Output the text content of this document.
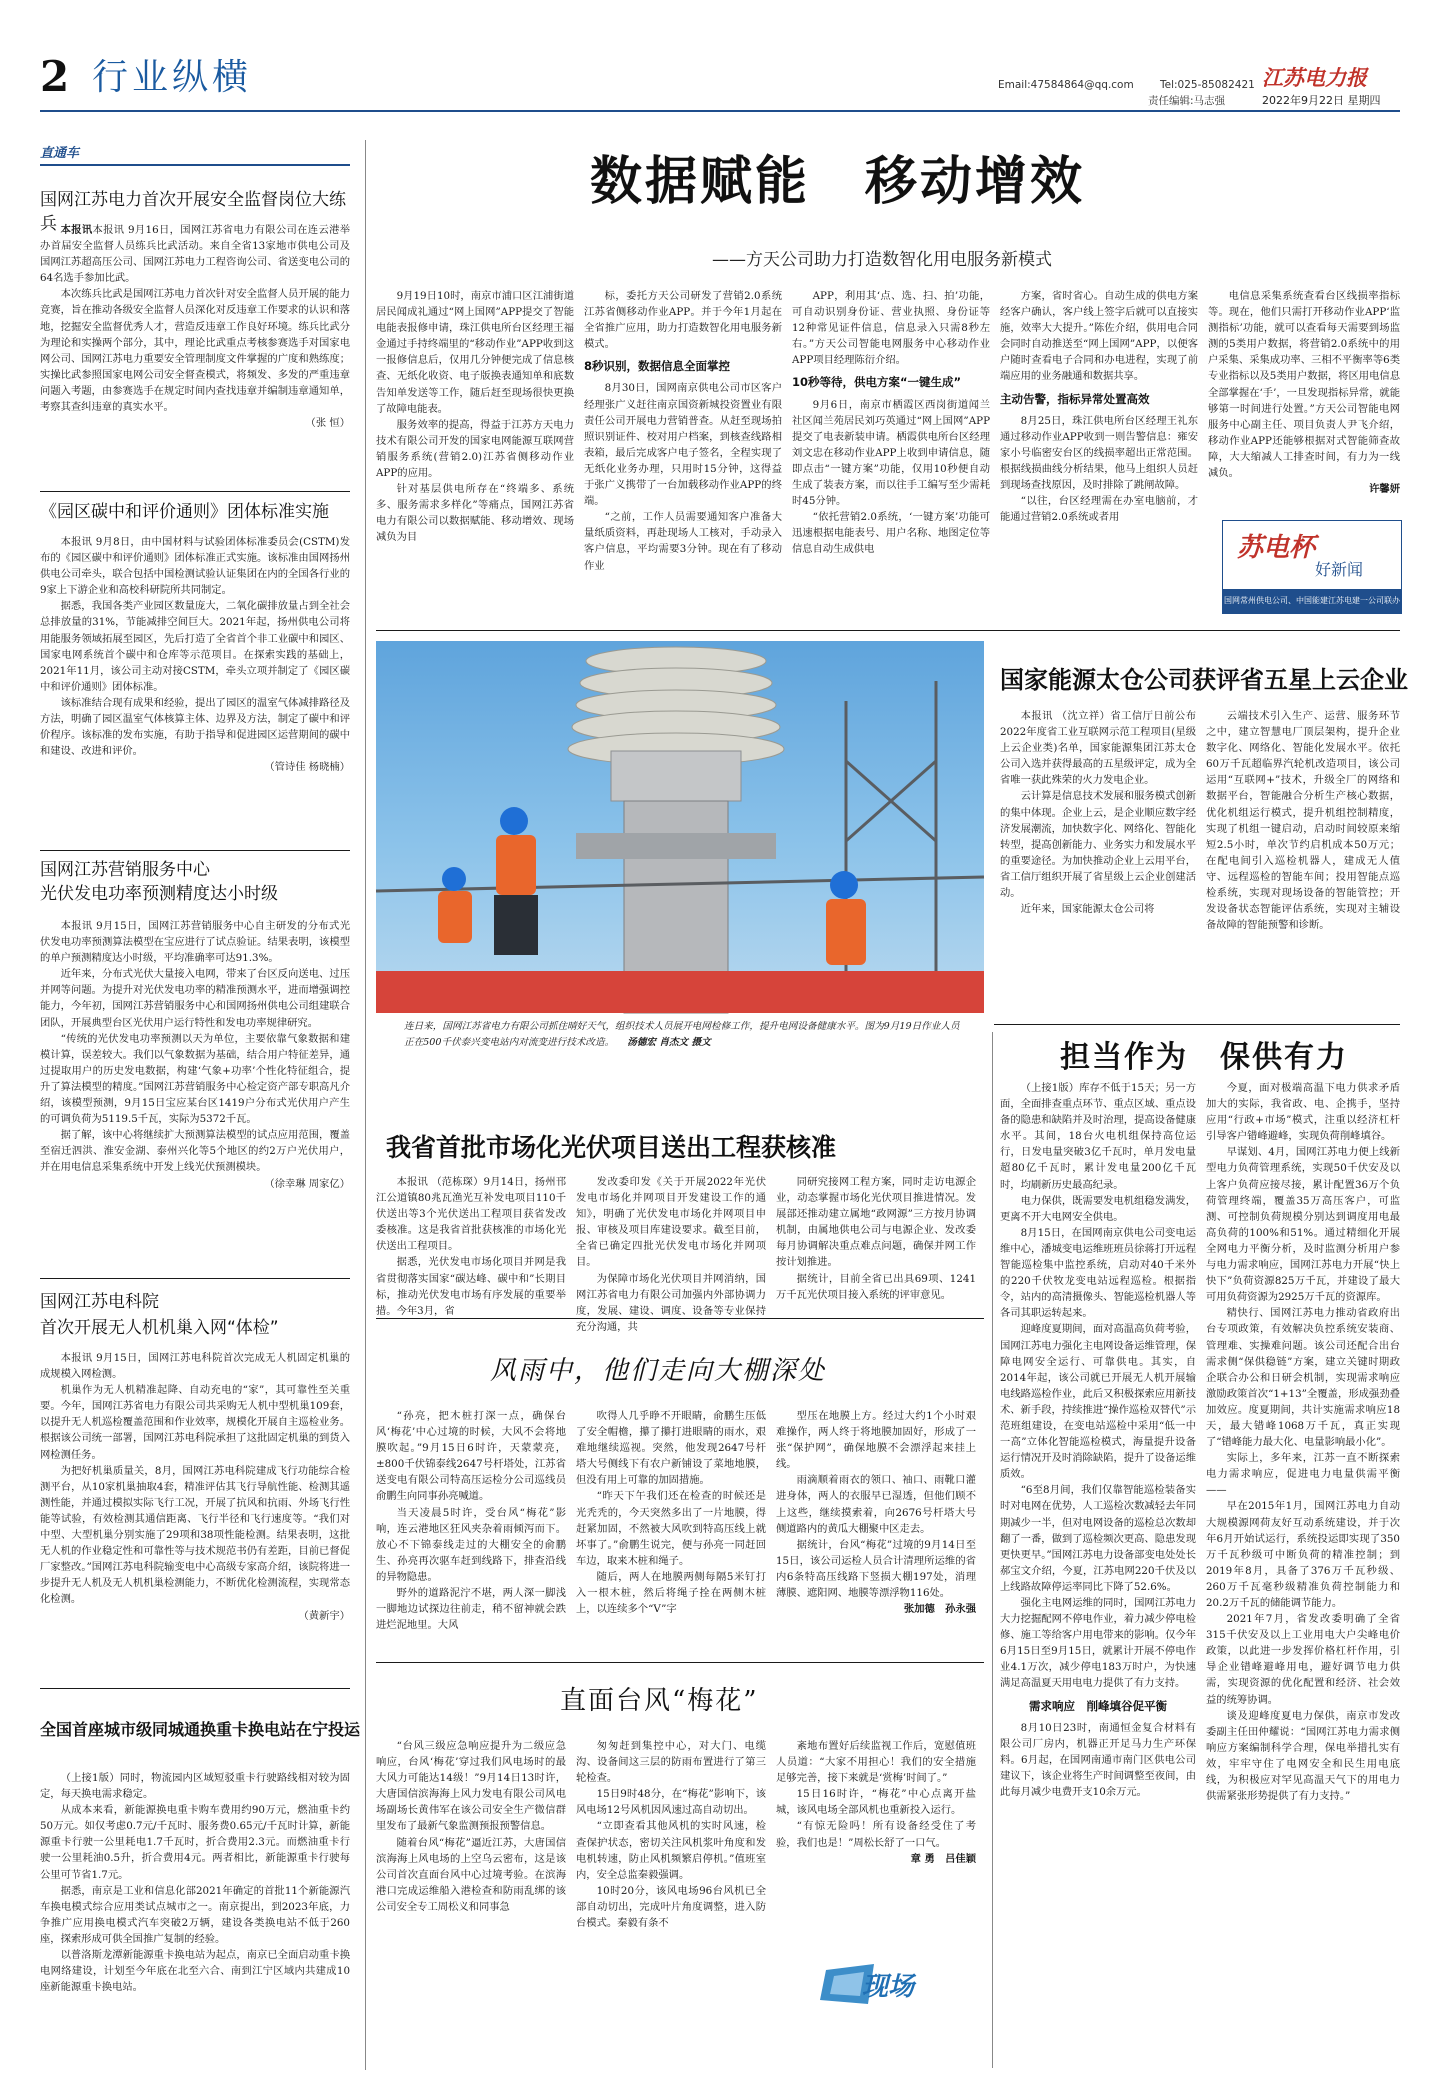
2 行业纵横	Email:47584864@qq.com	Tel:025-85082421
责任编辑:马志强
江苏电力报
2022年9月22日 星期四
直通车
国网江苏电力首次开展安全监督岗位大练兵 本报讯本报讯 9月16日，国网江苏省电力有限公司在连云港举办首届安全监督人员练兵比武活动。来自全省13家地市供电公司及国网江苏超高压公司、国网江苏电力工程咨询公司、省送变电公司的64名选手参加比武。

本次练兵比武是国网江苏电力首次针对安全监督人员开展的能力竞赛，旨在推动各级安全监督人员深化对反违章工作要求的认识和落地，挖掘安全监督优秀人才，营造反违章工作良好环境。练兵比武分为理论和实操两个部分，其中，理论比武重点考核参赛选手对国家电网公司、国网江苏电力重要安全管理制度文件掌握的广度和熟练度；实操比武参照国家电网公司安全督查模式，将频发、多发的严重违章问题入考题，由参赛选手在规定时间内查找违章并编制违章通知单，考察其查纠违章的真实水平。

（张 恒）

《园区碳中和评价通则》团体标准实施

本报讯 9月8日，由中国材料与试验团体标准委员会(CSTM)发布的《园区碳中和评价通则》团体标准正式实施。该标准由国网扬州供电公司牵头，联合包括中国检测试验认证集团在内的全国各行业的9家上下游企业和高校科研院所共同制定。

据悉，我国各类产业园区数量庞大，二氧化碳排放量占到全社会总排放量的31%，节能减排空间巨大。2021年起，扬州供电公司将用能服务领域拓展至园区，先后打造了全省首个非工业碳中和园区、国家电网系统首个碳中和仓库等示范项目。在探索实践的基础上，2021年11月，该公司主动对接CSTM，牵头立项并制定了《园区碳中和评价通则》团体标准。

该标准结合现有成果和经验，提出了园区的温室气体减排路径及方法，明确了园区温室气体核算主体、边界及方法，制定了碳中和评价程序。该标准的发布实施，有助于指导和促进园区运营期间的碳中和建设、改进和评价。

（管诗佳 杨晓楠）

国网江苏营销服务中心
光伏发电功率预测精度达小时级

本报讯 9月15日，国网江苏营销服务中心自主研发的分布式光伏发电功率预测算法模型在宝应进行了试点验证。结果表明，该模型的单户预测精度达小时级，平均准确率可达91.3%。

近年来，分布式光伏大量接入电网，带来了台区反向送电、过压并网等问题。为提升对光伏发电功率的精准预测水平，进而增强调控能力，今年初，国网江苏营销服务中心和国网扬州供电公司组建联合团队，开展典型台区光伏用户运行特性和发电功率规律研究。

“传统的光伏发电功率预测以天为单位，主要依靠气象数据和建模计算，误差较大。我们以气象数据为基础，结合用户特征差异，通过提取用户的历史发电数据，构建‘气象+功率’个性化特征组合，提升了算法模型的精度。”国网江苏营销服务中心检定资产部专职高凡介绍，该模型预测，9月15日宝应某台区1419户分布式光伏用户产生的可调负荷为5119.5千瓦，实际为5372千瓦。

据了解，该中心将继续扩大预测算法模型的试点应用范围，覆盖至宿迁泗洪、淮安金湖、泰州兴化等5个地区的约2万户光伏用户，并在用电信息采集系统中开发上线光伏预测模块。

（徐幸琳 周家亿）

国网江苏电科院
首次开展无人机机巢入网“体检”

本报讯 9月15日，国网江苏电科院首次完成无人机固定机巢的成规模入网检测。

机巢作为无人机精准起降、自动充电的“家”，其可靠性至关重要。今年，国网江苏省电力有限公司共采购无人机中型机巢109套，以提升无人机巡检覆盖范围和作业效率，规模化开展自主巡检业务。根据该公司统一部署，国网江苏电科院承担了这批固定机巢的到货入网检测任务。

为把好机巢质量关，8月，国网江苏电科院建成飞行功能综合检测平台，从10家机巢抽取4套，精准评估其飞行导航性能、检测其遥测性能，并通过模拟实际飞行工况，开展了抗风和抗雨、外场飞行性能等试验，有效检测其通信距离、飞行半径和飞行速度等。“我们对中型、大型机巢分别实施了29项和38项性能检测。结果表明，这批无人机的作业稳定性和可靠性等与技术规范书仍有差距，目前已督促厂家整改。”国网江苏电科院输变电中心高级专家高介绍，该院将进一步提升无人机及无人机机巢检测能力，不断优化检测流程，实现常态化检测。

（黄新宇）

全国首座城市级同城通换重卡换电站在宁投运

（上接1版）同时，物流园内区域短驳重卡行驶路线相对较为固定，每天换电需求稳定。

从成本来看，新能源换电重卡购车费用约90万元，燃油重卡约50万元。如仅考虑0.7元/千瓦时、服务费0.65元/千瓦时计算，新能源重卡行驶一公里耗电1.7千瓦时，折合费用2.3元。而燃油重卡行驶一公里耗油0.5升，折合费用4元。两者相比，新能源重卡行驶每公里可节省1.7元。

据悉，南京是工业和信息化部2021年确定的首批11个新能源汽车换电模式综合应用类试点城市之一。南京提出，到2023年底，力争推广应用换电模式汽车突破2万辆，建设各类换电站不低于260座，探索形成可供全国推广复制的经验。

以普洛斯龙潭新能源重卡换电站为起点，南京已全面启动重卡换电网络建设，计划至今年底在北至六合、南到江宁区域内共建成10座新能源重卡换电站。

数据赋能　移动增效
——方天公司助力打造数智化用电服务新模式

9月19日10时，南京市浦口区江浦街道居民闻成礼通过“网上国网”APP提交了智能电能表报修申请，珠江供电所台区经理王福金通过手持终端里的“移动作业”APP收到这一报修信息后，仅用几分钟便完成了信息核查、无纸化收资、电子版换表通知单和底数告知单发送等工作，随后赶至现场很快更换了故障电能表。

服务效率的提高，得益于江苏方天电力技术有限公司开发的国家电网能源互联网营销服务系统(营销2.0)江苏省侧移动作业APP的应用。

针对基层供电所存在“终端多、系统多、服务需求多样化”等痛点，国网江苏省电力有限公司以数据赋能、移动增效、现场减负为目

标，委托方天公司研发了营销2.0系统江苏省侧移动作业APP。并于今年1月起在全省推广应用，助力打造数智化用电服务新模式。

8秒识别，数据信息全面掌控

8月30日，国网南京供电公司市区客户经理张广义赶往南京国资新城投资置业有限责任公司开展电力营销普查。从赶至现场拍照识别证件、校对用户档案，到核查线路相表箱，最后完成客户电子签名，全程实现了无纸化业务办理，只用时15分钟，这得益于张广义携带了一台加载移动作业APP的终端。

“之前，工作人员需要通知客户准备大量纸质资料，再赴现场人工核对，手动录入客户信息，平均需要3分钟。现在有了移动作业

APP，利用其‘点、选、扫、拍’功能，可自动识别身份证、营业执照、身份证等12种常见证件信息，信息录入只需8秒左右。”方天公司智能电网服务中心移动作业APP项目经理陈衍介绍。

10秒等待，供电方案“一键生成”

9月6日，南京市栖霞区西岗街道闻兰社区闻兰苑居民刘巧英通过“网上国网”APP提交了电表新装申请。栖霞供电所台区经理刘文忠在移动作业APP上收到申请信息，随即点击“一键方案”功能，仅用10秒便自动生成了装表方案，而以往手工编写至少需耗时45分钟。

“依托营销2.0系统，‘一键方案’功能可迅速根据电能表号、用户名称、地图定位等信息自动生成供电

方案，省时省心。自动生成的供电方案经客户确认，客户线上签字后就可以直接实施，效率大大提升。”陈佐介绍，供用电合同会同时自动推送至“网上国网”APP，以便客户随时查看电子合同和办电进程，实现了前端应用的业务融通和数据共享。

主动告警，指标异常处置高效

8月25日，珠江供电所台区经理王礼东通过移动作业APP收到一则告警信息：雍安家小号临密安台区的线损率超出正常范围。根据线损曲线分析结果，他马上组织人员赶到现场查找原因，及时排除了跳闸故障。

“以往，台区经理需在办室电脑前，才能通过营销2.0系统或者用

电信息采集系统查看台区线损率指标等。现在，他们只需打开移动作业APP‘监测指标’功能，就可以查看每天需要到场监测的5类用户数据，将营销2.0系统中的用户采集、采集成功率、三相不平衡率等6类专业指标以及5类用户数据，将区用电信息全部掌握在‘手’，一旦发现指标异常，就能够第一时间进行处置。”方天公司智能电网服务中心副主任、项目负责人尹飞介绍，移动作业APP还能够根据对式智能筛查故障，大大缩减人工排查时间，有力为一线减负。

许馨妍

苏电杯
好新闻
国网常州供电公司、中国能建江苏电建一公司联办
连日来，国网江苏省电力有限公司抓住晴好天气，组织技术人员展开电网检修工作，提升电网设备健康水平。图为9月19日作业人员正在500千伏泰兴变电站内对流变进行技术改造。 汤德宏 肖杰文 摄文
国家能源太仓公司获评省五星上云企业

本报讯 （沈立祥）省工信厅日前公布2022年度省工业互联网示范工程项目(星级上云企业类)名单，国家能源集团江苏太仓公司入选并获得最高的五星级评定，成为全省唯一获此殊荣的火力发电企业。

云计算是信息技术发展和服务模式创新的集中体现。企业上云，是企业顺应数字经济发展潮流，加快数字化、网络化、智能化转型，提高创新能力、业务实力和发展水平的重要途径。为加快推动企业上云用平台，省工信厅组织开展了省星级上云企业创建活动。

近年来，国家能源太仓公司将

云端技术引入生产、运营、服务环节之中，建立智慧电厂顶层架构，提升企业数字化、网络化、智能化发展水平。依托60万千瓦超临界汽轮机改造项目，该公司运用“互联网+”技术，升级全厂的网络和数据平台，智能融合分析生产核心数据，优化机组运行模式，提升机组控制精度，实现了机组一键启动，启动时间较原来缩短2.5小时，单次节约启机成本50万元；在配电间引入巡检机器人，建成无人值守、远程巡检的智能车间；投用智能点巡检系统，实现对现场设备的智能管控；开发设备状态智能评估系统，实现对主辅设备故障的智能预警和诊断。

担当作为　保供有力

（上接1版）库存不低于15天；另一方面，全面排查重点环节、重点区域、重点设备的隐患和缺陷并及时治理，提高设备健康水平。其间，18台火电机组保持高位运行，日发电量突破3亿千瓦时，单月发电量超80亿千瓦时，累计发电量200亿千瓦时，均刷新历史最高纪录。

电力保供，既需要发电机组稳发满发，更离不开大电网安全供电。

8月15日，在国网南京供电公司变电运维中心，潘城变电运维班班员徐蒋打开远程智能巡检集中监控系统，启动对40千米外的220千伏牧龙变电站远程巡检。根据指令，站内的高清摄像头、智能巡检机器人等各司其职运转起来。

迎峰度夏期间，面对高温高负荷考验，国网江苏电力强化主电网设备运维管理，保障电网安全运行、可靠供电。其实，自2014年起，该公司就已开展无人机开展输电线路巡检作业，此后又积极探索应用新技术、新手段，持续推进“操作巡检双替代”示范班组建设，在变电站巡检中采用“低一中一高”立体化智能巡检模式，海量提升设备运行情况开及时消除缺陷，提升了设备运维质效。

“6至8月间，我们仅靠智能巡检装备实时对电网在优势，人工巡检次数减轻去年同期减少一半，但对电网设备的巡检总次数却翻了一番，做到了巡检频次更高、隐患发现更快更早。”国网江苏电力设备部变电处处长郝宝文介绍，今夏，江苏电网220千伏及以上线路故障停运率同比下降了52.6%。

强化主电网运维的同时，国网江苏电力大力挖掘配网不停电作业，着力减少停电检修、施工等给客户用电带来的影响。仅今年6月15日至9月15日，就累计开展不停电作业4.1万次，减少停电183万时户，为快速满足高温夏天用电电力提供了有力支持。

需求响应　削峰填谷促平衡

8月10日23时，南通恒金复合材料有限公司厂房内，机器正开足马力生产环保料。6月起，在国网南通市南门区供电公司建议下，该企业将生产时间调整至夜间，由此每月减少电费开支10余万元。

今夏，面对极端高温下电力供求矛盾加大的实际，我省政、电、企携手，坚持应用“行政+市场”模式，注重以经济杠杆引导客户错峰避峰，实现负荷削峰填谷。

早谋划、4月，国网江苏电力便上线新型电力负荷管理系统，实现50千伏安及以上客户负荷应接尽接，累计配置36万个负荷管理终端，覆盖35万高压客户，可监测、可控制负荷规模分别达到调度用电最高负荷的100%和51%。通过精细化开展全网电力平衡分析，及时监测分析用户参与电力需求响应，国网江苏电力开展“快上快下”负荷资源825万千瓦，并建设了最大可用负荷资源为2925万千瓦的资源库。

精快行、国网江苏电力推动省政府出台专项政策，有效解决负控系统安装商、管理难、实操难问题。该公司还配合出台需求侧“保供稳链”方案，建立关键时期政企联合办公和日研会机制，实现需求响应激励政策首次“1+13”全覆盖，形成强劲叠加效应。度夏期间，共计实施需求响应18天，最大错峰1068万千瓦，真正实现了“错峰能力最大化、电量影响最小化”。

实际上，多年来，江苏一直不断探索电力需求响应，促进电力电量供需平衡——

早在2015年1月，国网江苏电力自动大规模源网荷友好互动系统建设，并于次年6月开始试运行，系统投运即实现了350万千瓦秒级可中断负荷的精准控制；到2019年8月，具备了376万千瓦秒级、260万千瓦毫秒级精准负荷控制能力和20.2万千瓦的储能调节能力。

2021年7月，省发改委明确了全省315千伏安及以上工业用电大户尖峰电价政策，以此进一步发挥价格杠杆作用，引导企业错峰避峰用电，避好调节电力供需，实现资源的优化配置和经济、社会效益的统筹协调。

谈及迎峰度夏电力保供，南京市发改委副主任田仲耀说：“国网江苏电力需求侧响应方案编制科学合理，保电举措扎实有效，牢牢守住了电网安全和民生用电底线，为积极应对罕见高温天气下的用电力供需紧张形势提供了有力支持。”

我省首批市场化光伏项目送出工程获核准

本报讯 （范栋琛）9月14日，扬州邗江公道镇80兆瓦渔光互补发电项目110千伏送出等3个光伏送出工程项目获省发改委核准。这是我省首批获核准的市场化光伏送出工程项目。

据悉，光伏发电市场化项目并网是我省贯彻落实国家“碳达峰、碳中和”长期目标，推动光伏发电市场有序发展的重要举措。今年3月，省

发改委印发《关于开展2022年光伏发电市场化并网项目开发建设工作的通知》，明确了光伏发电市场化并网项目申报、审核及项目库建设要求。截至目前，全省已确定四批光伏发电市场化并网项目。

为保障市场化光伏项目并网消纳，国网江苏省电力有限公司加强内外部协调力度，发展、建设、调度、设备等专业保持充分沟通，共

同研究接网工程方案，同时走访电源企业，动态掌握市场化光伏项目推进情况。发展部还推动建立属地“政网源”三方按月协调机制，由属地供电公司与电源企业、发改委每月协调解决重点难点问题，确保并网工作按计划推进。

据统计，目前全省已出具69项、1241万千瓦光伏项目接入系统的评审意见。

风雨中，他们走向大棚深处

“孙亮，把木桩打深一点，确保台风‘梅花’中心过境的时候，大风不会将地膜吹起。”9月15日6时许，天蒙蒙亮，±800千伏锦泰线2647号杆塔处，江苏省送变电有限公司特高压运检分公司巡线员俞鹏生向同事孙亮喊道。

当天凌晨5时许，受台风“梅花”影响，连云港地区狂风夹杂着雨倾泻而下。放心不下锦泰线走过的大棚安全的俞鹏生、孙亮再次驱车赶到线路下，排查沿线的异物隐患。

野外的道路泥泞不堪，两人深一脚浅一脚地边试探边往前走，稍不留神就会跌进烂泥地里。大风

吹得人几乎睁不开眼睛，俞鹏生压低了安全帽檐，攥了攥打进眼睛的雨水，艰难地继续巡视。突然，他发现2647号杆塔大号侧线下有农户新铺设了菜地地膜，但没有用上可靠的加固措施。

“昨天下午我们还在检查的时候还是光秃秃的，今天突然多出了一片地膜，得赶紧加固，不然被大风吹到特高压线上就坏事了。”俞鹏生说完，便与孙亮一同赶回车边，取来木桩和绳子。

随后，两人在地膜两侧每隔5米钉打入一根木桩，然后将绳子拴在两侧木桩上，以连续多个“V”字

型压在地膜上方。经过大约1个小时艰难操作，两人终于将地膜加固好，形成了一张“保护网”，确保地膜不会漂浮起来挂上线。

雨滴顺着雨衣的领口、袖口、雨靴口灌进身体，两人的衣服早已湿透，但他们顾不上这些，继续摸索着，向2676号杆塔大号侧道路内的黄瓜大棚聚中区走去。

据统计，台风“梅花”过境的9月14日至15日，该公司运检人员合计清理所运维的省内6条特高压线路下竖损大棚197处，消理薄膜、遮阳网、地膜等漂浮物116处。

张加德　孙永强

直面台风“梅花”

“台风三级应急响应提升为二级应急响应，台风‘梅花’穿过我们风电场时的最大风力可能达14级！”9月14日13时许，大唐国信滨海海上风力发电有限公司风电场副场长黄伟军在该公司安全生产微信群里发布了最新气象监测预报预警信息。

随着台风“梅花”逼近江苏，大唐国信滨海海上风电场的上空乌云密布，这是该公司首次直面台风中心过境考验。在滨海港口完成运维船入港检查和防雨乱绑的该公司安全专工周松义和同事急

匆匆赶到集控中心，对大门、电缆沟、设备间这三层的防雨布置进行了第三轮检查。

15日9时48分，在“梅花”影响下，该风电场12号风机因风速过高自动切出。

“立即查看其他风机的实时风速，检查保护状态，密切关注风机浆叶角度和发电机转速，防止风机频繁启停机。”值班室内，安全总监秦毅强调。

10时20分，该风电场96台风机已全部自动切出，完成叶片角度调整，进入防台模式。秦毅有条不

紊地布置好后续监视工作后，宽慰值班人员道：“大家不用担心！我们的安全措施足够完善，接下来就是‘赏梅’时间了。”

15日16时许，“梅花”中心点离开盐城，该风电场全部风机也重新投入运行。

“有惊无险吗！所有设备经受住了考验，我们也是！”周松长舒了一口气。

章 勇　吕佳颖

现场
